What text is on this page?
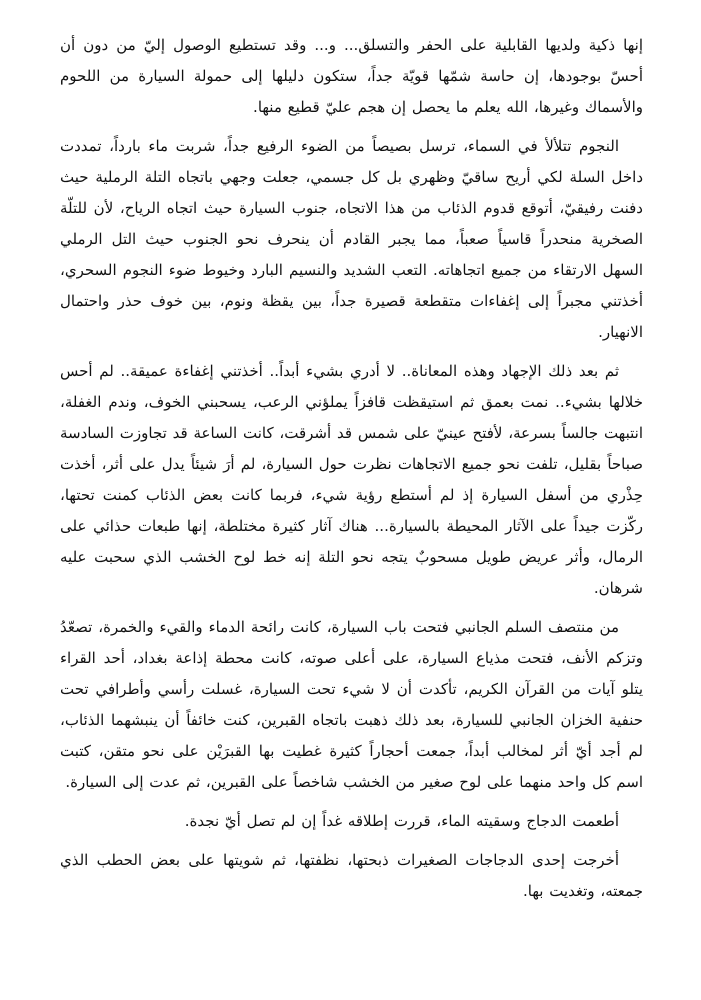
إنها ذكية ولديها القابلية على الحفر والتسلق... و... وقد تستطيع الوصول إليّ من دون أن أحسّ بوجودها، إن حاسة شمّها قويّة جداً، ستكون دليلها إلى حمولة السيارة من اللحوم والأسماك وغيرها، الله يعلم ما يحصل إن هجم عليّ قطيع منها.

النجوم تتلألأ في السماء، ترسل بصيصاً من الضوء الرفيع جداً، شربت ماء بارداً، تمددت داخل السلة لكي أريح ساقيّ وظهري بل كل جسمي، جعلت وجهي باتجاه التلة الرملية حيث دفنت رفيقيّ، أتوقع قدوم الذئاب من هذا الاتجاه، جنوب السيارة حيث اتجاه الرياح، لأن للتلّة الصخرية منحدراً قاسياً صعباً، مما يجبر القادم أن ينحرف نحو الجنوب حيث التل الرملي السهل الارتقاء من جميع اتجاهاته. التعب الشديد والنسيم البارد وخيوط ضوء النجوم السحري، أخذتني مجبراً إلى إغفاءات متقطعة قصيرة جداً، بين يقظة ونوم، بين خوف حذر واحتمال الانهيار.

ثم بعد ذلك الإجهاد وهذه المعاناة.. لا أدري بشيء أبداً.. أخذتني إغفاءة عميقة.. لم أحس خلالها بشيء.. نمت بعمق ثم استيقظت قافزاً يملؤني الرعب، يسحبني الخوف، وندم الغفلة، انتبهت جالساً بسرعة، لأفتح عينيّ على شمس قد أشرقت، كانت الساعة قد تجاوزت السادسة صباحاً بقليل، تلفت نحو جميع الاتجاهات نظرت حول السيارة، لم أرَ شيئاً يدل على أثر، أخذت حِذْري من أسفل السيارة إذ لم أستطع رؤية شيء، فربما كانت بعض الذئاب كمنت تحتها، ركّزت جيداً على الآثار المحيطة بالسيارة... هناك آثار كثيرة مختلطة، إنها طبعات حذائي على الرمال، وأثر عريض طويل مسحوبٌ يتجه نحو التلة إنه خط لوح الخشب الذي سحبت عليه شرهان.

من منتصف السلم الجانبي فتحت باب السيارة، كانت رائحة الدماء والقيء والخمرة، تصعّدُ وتزكم الأنف، فتحت مذياع السيارة، على أعلى صوته، كانت محطة إذاعة بغداد، أحد القراء يتلو آيات من القرآن الكريم، تأكدت أن لا شيء تحت السيارة، غسلت رأسي وأطرافي تحت حنفية الخزان الجانبي للسيارة، بعد ذلك ذهبت باتجاه القبرين، كنت خائفاً أن ينبشهما الذئاب، لم أجد أيّ أثر لمخالب أبداً، جمعت أحجاراً كثيرة غطيت بها القبرَيْن على نحو متقن، كتبت اسم كل واحد منهما على لوح صغير من الخشب شاخصاً على القبرين، ثم عدت إلى السيارة.

أطعمت الدجاج وسقيته الماء، قررت إطلاقه غداً إن لم تصل أيّ نجدة.

أخرجت إحدى الدجاجات الصغيرات ذبحتها، نظفتها، ثم شويتها على بعض الحطب الذي جمعته، وتغديت بها.
